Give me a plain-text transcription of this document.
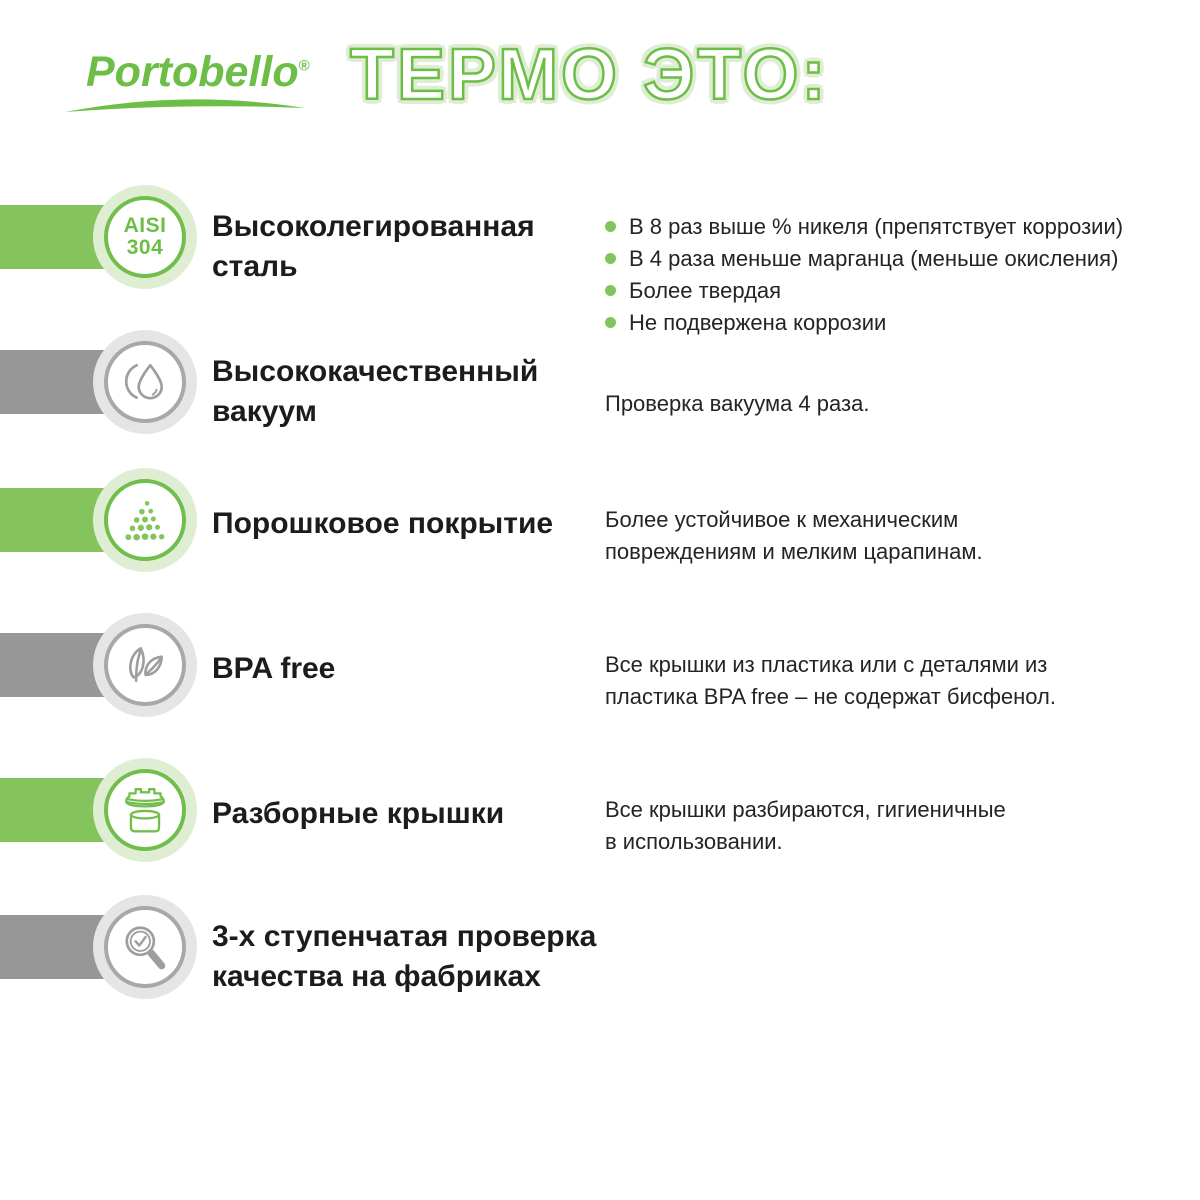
Portobello® ТЕРМО ЭТО:
AISI 304
Высоколегированная
сталь
В 8 раз выше % никеля (препятствует коррозии)
В 4 раза меньше марганца (меньше окисления)
Более твердая
Не подвержена коррозии
Высококачественный
вакуум	Проверка вакуума 4 раза.
Порошковое покрытие Более устойчивое к механическим
повреждениям и мелким царапинам.
BPA free	Все крышки из пластика или с деталями из
пластика BPA free – не содержат бисфенол.
Разборные крышки	Все крышки разбираются, гигиеничные
в использовании.
3-х ступенчатая проверка
качества на фабриках
